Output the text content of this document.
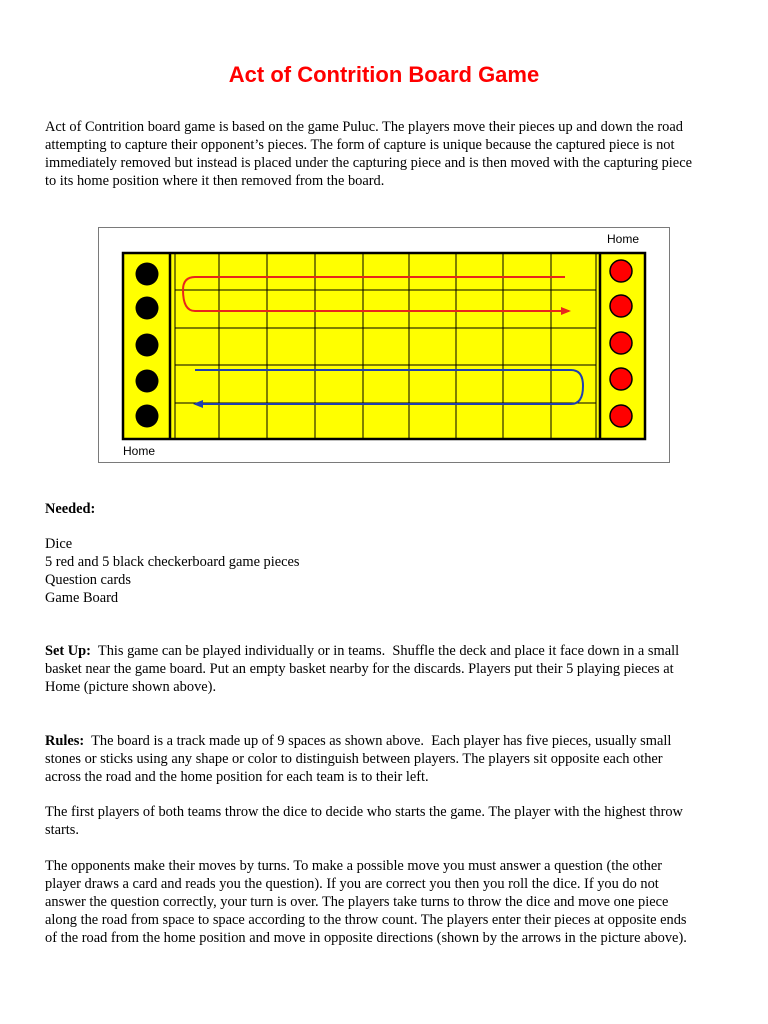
Act of Contrition Board Game

Act of Contrition board game is based on the game Puluc. The players move their pieces up and down the road
attempting to capture their opponent’s pieces. The form of capture is unique because the captured piece is not
immediately removed but instead is placed under the capturing piece and is then moved with the capturing piece
to its home position where it then removed from the board.

Home
Home

Needed:

Dice
5 red and 5 black checkerboard game pieces
Question cards
Game Board

Set Up:  This game can be played individually or in teams.  Shuffle the deck and place it face down in a small
basket near the game board. Put an empty basket nearby for the discards. Players put their 5 playing pieces at
Home (picture shown above).

Rules:  The board is a track made up of 9 spaces as shown above.  Each player has five pieces, usually small
stones or sticks using any shape or color to distinguish between players. The players sit opposite each other
across the road and the home position for each team is to their left.

The first players of both teams throw the dice to decide who starts the game. The player with the highest throw
starts.

The opponents make their moves by turns. To make a possible move you must answer a question (the other
player draws a card and reads you the question). If you are correct you then you roll the dice. If you do not
answer the question correctly, your turn is over. The players take turns to throw the dice and move one piece
along the road from space to space according to the throw count. The players enter their pieces at opposite ends
of the road from the home position and move in opposite directions (shown by the arrows in the picture above).
